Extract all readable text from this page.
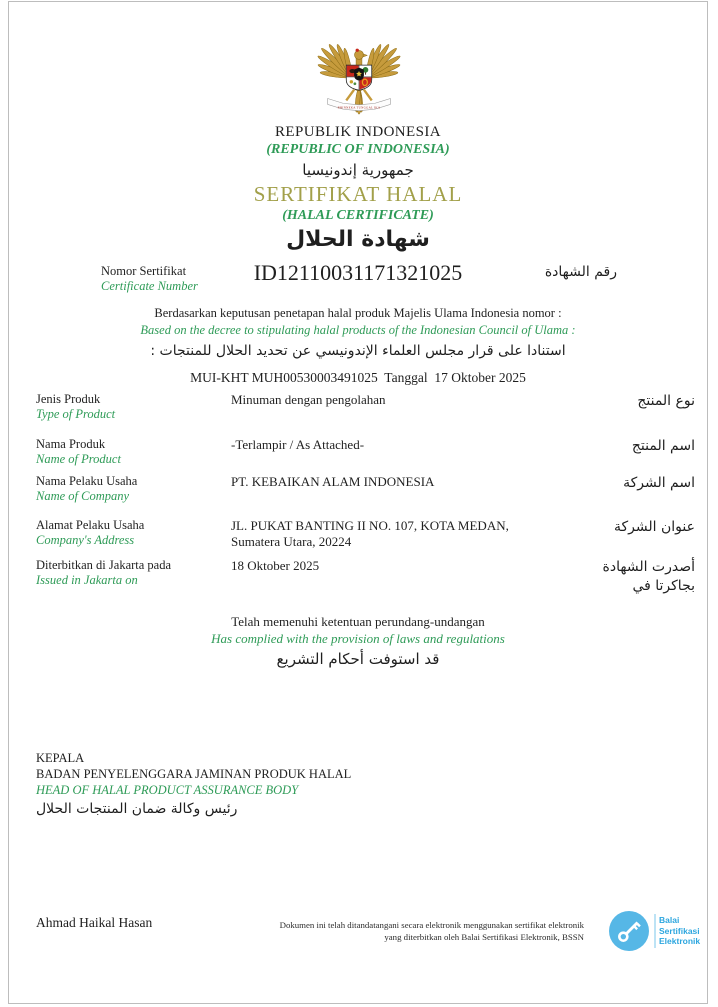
BHINNEKA TUNGGAL IKA
REPUBLIK INDONESIA
(REPUBLIC OF INDONESIA)
جمهورية إندونيسيا
SERTIFIKAT HALAL
(HALAL CERTIFICATE)
شهادة الحلال
Nomor Sertifikat
Certificate Number
ID12110031171321025	رقم الشهادة
Berdasarkan keputusan penetapan halal produk Majelis Ulama Indonesia nomor :
Based on the decree to stipulating halal products of the Indonesian Council of Ulama :
استنادا على قرار مجلس العلماء الإندونيسي عن تحديد الحلال للمنتجات :
MUI-KHT MUH00530003491025  Tanggal  17 Oktober 2025
Jenis Produk
Type of Product
Minuman dengan pengolahan	نوع المنتج
Nama Produk
Name of Product
-Terlampir / As Attached-	اسم المنتج
Nama Pelaku Usaha
Name of Company
PT. KEBAIKAN ALAM INDONESIA	اسم الشركة
Alamat Pelaku Usaha
Company's Address
JL. PUKAT BANTING II NO. 107, KOTA MEDAN,
Sumatera Utara, 20224
عنوان الشركة
Diterbitkan di Jakarta pada
Issued in Jakarta on
18 Oktober 2025	أصدرت الشهادة بجاكرتا في
Telah memenuhi ketentuan perundang-undangan
Has complied with the provision of laws and regulations
قد استوفت أحكام التشريع
KEPALA
BADAN PENYELENGGARA JAMINAN PRODUK HALAL
HEAD OF HALAL PRODUCT ASSURANCE BODY
رئيس وكالة ضمان المنتجات الحلال
Ahmad Haikal Hasan	Dokumen ini telah ditandatangani secara elektronik menggunakan sertifikat elektronik
yang diterbitkan oleh Balai Sertifikasi Elektronik, BSSN
Balai
Sertifikasi
Elektronik
